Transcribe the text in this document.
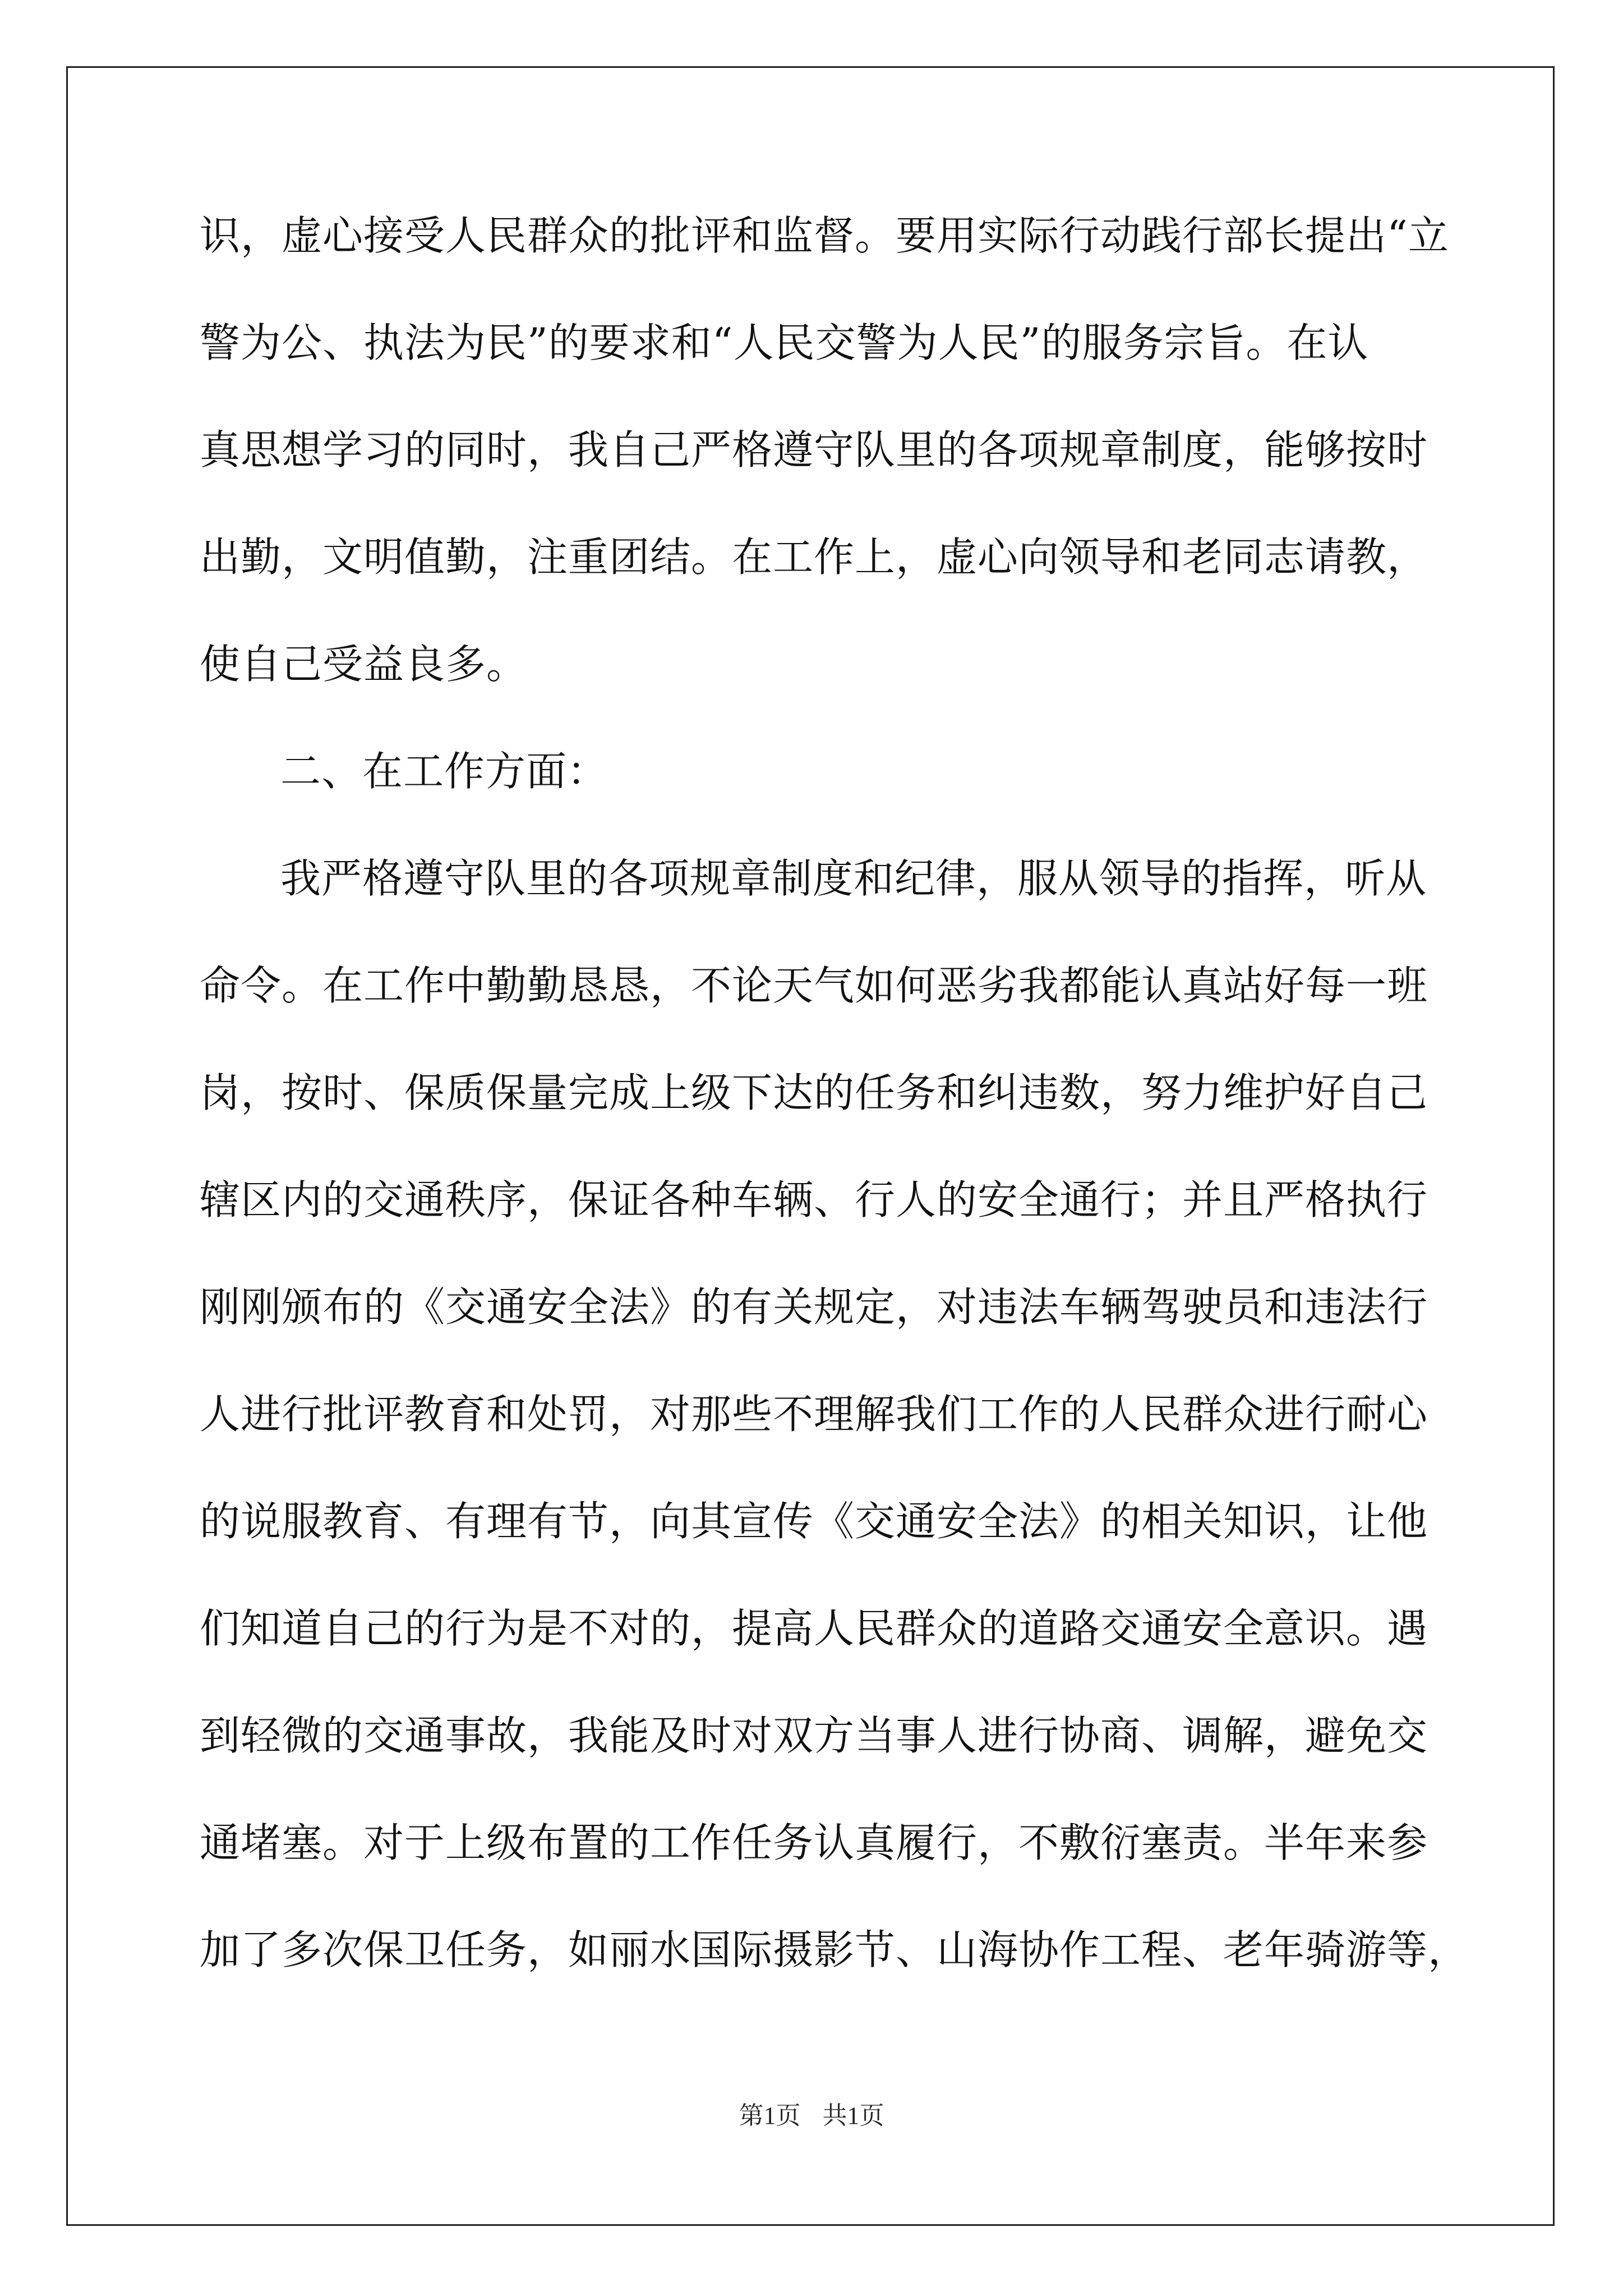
识，虚心接受人民群众的批评和监督。要用实际行动践行部长提出“立
警为公、执法为民”的要求和“人民交警为人民”的服务宗旨。在认
真思想学习的同时，我自己严格遵守队里的各项规章制度，能够按时
出勤，文明值勤，注重团结。在工作上，虚心向领导和老同志请教，
使自己受益良多。
二、在工作方面：
我严格遵守队里的各项规章制度和纪律，服从领导的指挥，听从
命令。在工作中勤勤恳恳，不论天气如何恶劣我都能认真站好每一班
岗，按时、保质保量完成上级下达的任务和纠违数，努力维护好自己
辖区内的交通秩序，保证各种车辆、行人的安全通行；并且严格执行
刚刚颁布的《交通安全法》的有关规定，对违法车辆驾驶员和违法行
人进行批评教育和处罚，对那些不理解我们工作的人民群众进行耐心
的说服教育、有理有节，向其宣传《交通安全法》的相关知识，让他
们知道自己的行为是不对的，提高人民群众的道路交通安全意识。遇
到轻微的交通事故，我能及时对双方当事人进行协商、调解，避免交
通堵塞。对于上级布置的工作任务认真履行，不敷衍塞责。半年来参
加了多次保卫任务，如丽水国际摄影节、山海协作工程、老年骑游等，
第1页 共1页
